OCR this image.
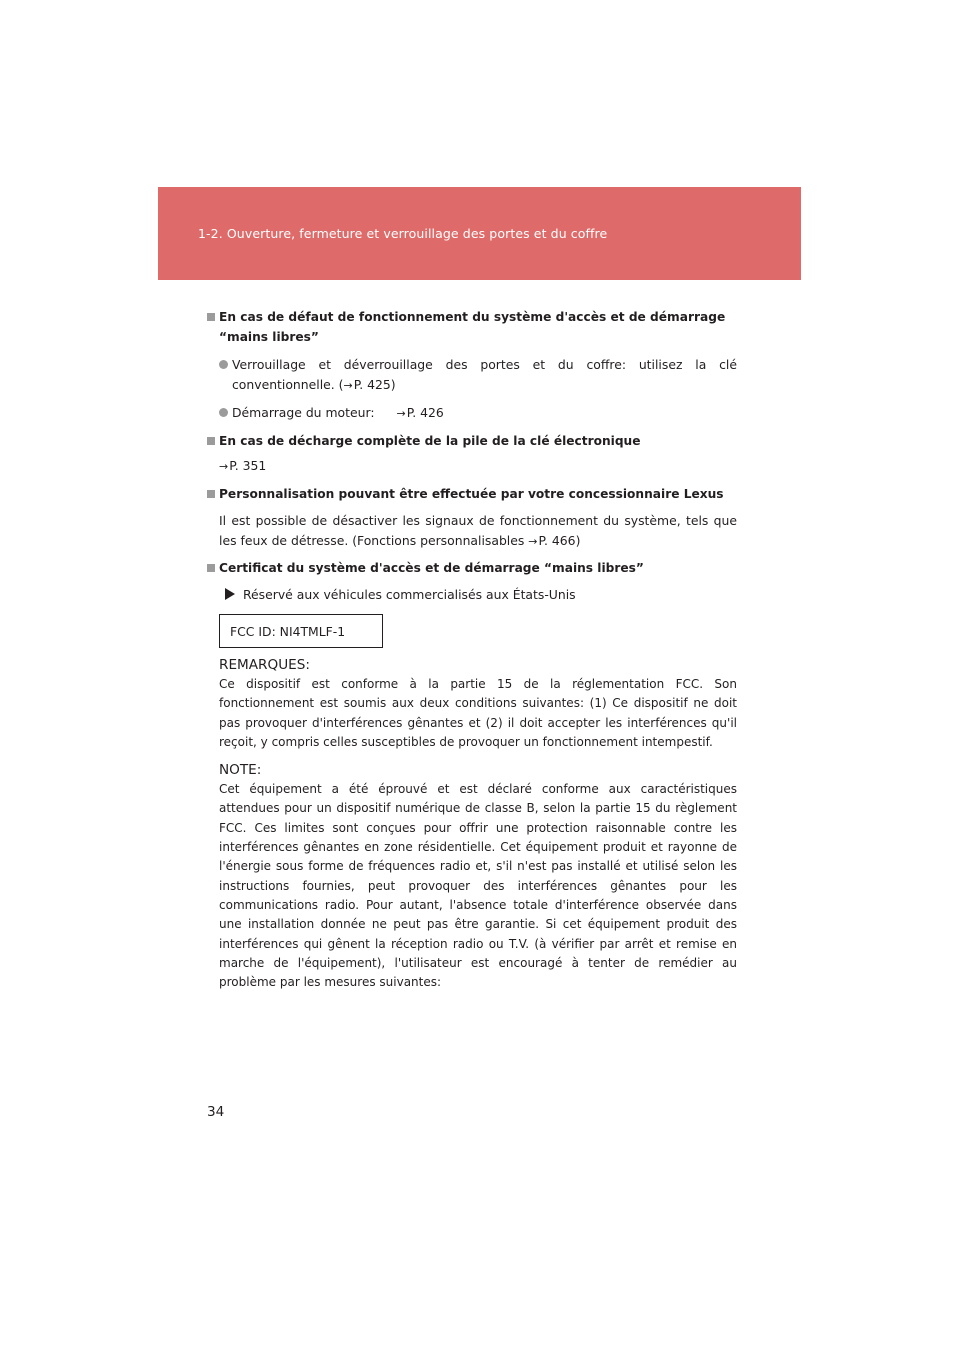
1-2. Ouverture, fermeture et verrouillage des portes et du coffre
En cas de défaut de fonctionnement du système d'accès et de démarrage “mains libres”
Verrouillage et déverrouillage des portes et du coffre: utilisez la clé conventionnelle. (→P. 425)
Démarrage du moteur: →P. 426
En cas de décharge complète de la pile de la clé électronique
→P. 351
Personnalisation pouvant être effectuée par votre concessionnaire Lexus
Il est possible de désactiver les signaux de fonctionnement du système, tels que les feux de détresse. (Fonctions personnalisables →P. 466)
Certificat du système d'accès et de démarrage “mains libres”
Réservé aux véhicules commercialisés aux États-Unis
FCC ID: NI4TMLF-1
REMARQUES:
Ce dispositif est conforme à la partie 15 de la réglementation FCC. Son fonctionnement est soumis aux deux conditions suivantes: (1) Ce dispositif ne doit pas provoquer d'interférences gênantes et (2) il doit accepter les interférences qu'il reçoit, y compris celles susceptibles de provoquer un fonctionnement intempestif.
NOTE:
Cet équipement a été éprouvé et est déclaré conforme aux caractéristiques attendues pour un dispositif numérique de classe B, selon la partie 15 du règlement FCC. Ces limites sont conçues pour offrir une protection raisonnable contre les interférences gênantes en zone résidentielle. Cet équipement produit et rayonne de l'énergie sous forme de fréquences radio et, s'il n'est pas installé et utilisé selon les instructions fournies, peut provoquer des interférences gênantes pour les communications radio. Pour autant, l'absence totale d'interférence observée dans une installation donnée ne peut pas être garantie. Si cet équipement produit des interférences qui gênent la réception radio ou T.V. (à vérifier par arrêt et remise en marche de l'équipement), l'utilisateur est encouragé à tenter de remédier au problème par les mesures suivantes:
34
